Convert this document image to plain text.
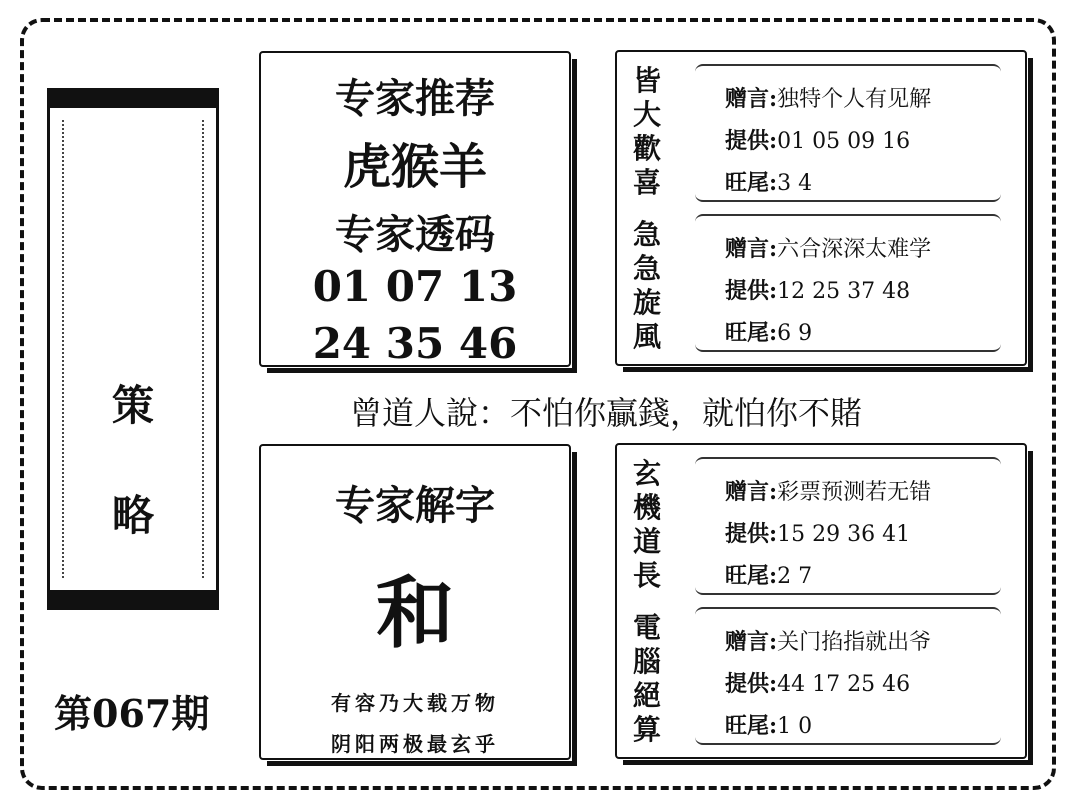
策
略
第067期
专家推荐
虎猴羊
专家透码
01 07 13
24 35 46
曾道人說：不怕你贏錢，就怕你不賭
专家解字
和
有容乃大载万物
阴阳两极最玄乎
皆
大
歡
喜
急
急
旋
風
赠言:独特个人有见解
提供:01 05 09 16
旺尾:3 4
赠言:六合深深太难学
提供:12 25 37 48
旺尾:6 9
玄
機
道
長
電
腦
絕
算
赠言:彩票预测若无错
提供:15 29 36 41
旺尾:2 7
赠言:关门掐指就出爷
提供:44 17 25 46
旺尾:1 0
